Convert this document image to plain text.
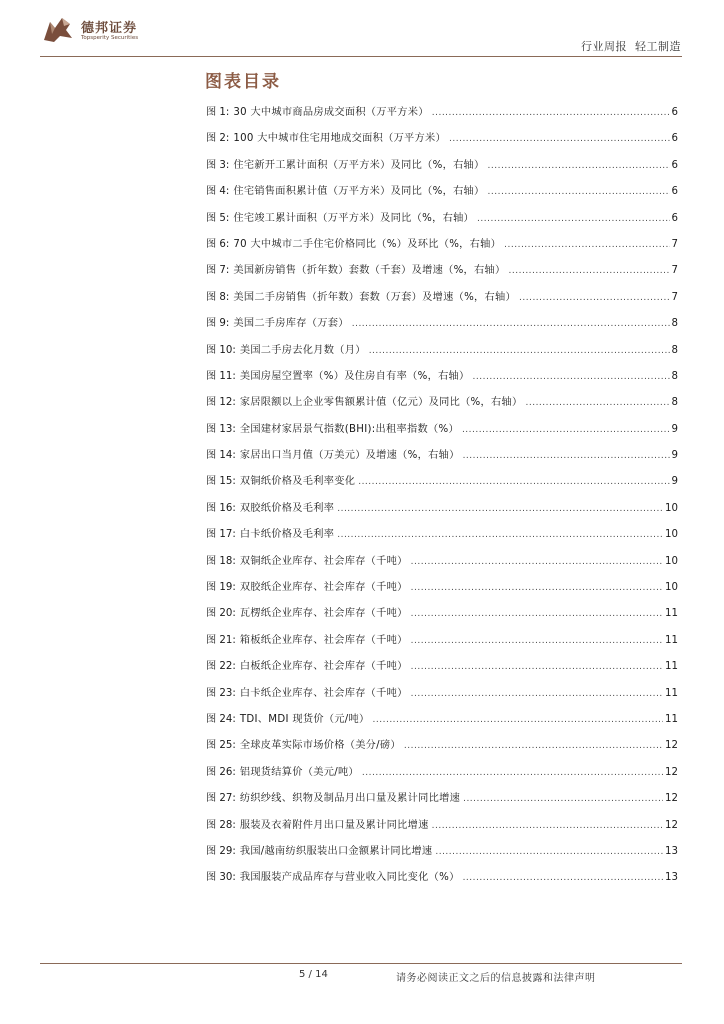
德邦证券
Topsperity Securities
行业周报 轻工制造
图表目录
图 1: 30 大中城市商品房成交面积（万平方米） .....	6
图 2: 100 大中城市住宅用地成交面积（万平方米） .....	6
图 3: 住宅新开工累计面积（万平方米）及同比（%，右轴） .....	6
图 4: 住宅销售面积累计值（万平方米）及同比（%，右轴） .....	6
图 5: 住宅竣工累计面积（万平方米）及同比（%，右轴） .....	6
图 6: 70 大中城市二手住宅价格同比（%）及环比（%，右轴） .....	7
图 7: 美国新房销售（折年数）套数（千套）及增速（%，右轴） .....	7
图 8: 美国二手房销售（折年数）套数（万套）及增速（%，右轴） .....	7
图 9: 美国二手房库存（万套） .....	8
图 10: 美国二手房去化月数（月） .....	8
图 11: 美国房屋空置率（%）及住房自有率（%，右轴） .....	8
图 12: 家居限额以上企业零售额累计值（亿元）及同比（%，右轴） .....	8
图 13: 全国建材家居景气指数(BHI):出租率指数（%） .....	9
图 14: 家居出口当月值（万美元）及增速（%，右轴） .....	9
图 15: 双铜纸价格及毛利率变化 .....	9
图 16: 双胶纸价格及毛利率 .....	10
图 17: 白卡纸价格及毛利率 .....	10
图 18: 双铜纸企业库存、社会库存（千吨） .....	10
图 19: 双胶纸企业库存、社会库存（千吨） .....	10
图 20: 瓦楞纸企业库存、社会库存（千吨） .....	11
图 21: 箱板纸企业库存、社会库存（千吨） .....	11
图 22: 白板纸企业库存、社会库存（千吨） .....	11
图 23: 白卡纸企业库存、社会库存（千吨） .....	11
图 24: TDI、MDI 现货价（元/吨） .....	11
图 25: 全球皮革实际市场价格（美分/磅） .....	12
图 26: 铝现货结算价（美元/吨） .....	12
图 27: 纺织纱线、织物及制品月出口量及累计同比增速 .....	12
图 28: 服装及衣着附件月出口量及累计同比增速 .....	12
图 29: 我国/越南纺织服装出口金额累计同比增速 .....	13
图 30: 我国服装产成品库存与营业收入同比变化（%） .....	13
5 / 14	请务必阅读正文之后的信息披露和法律声明
